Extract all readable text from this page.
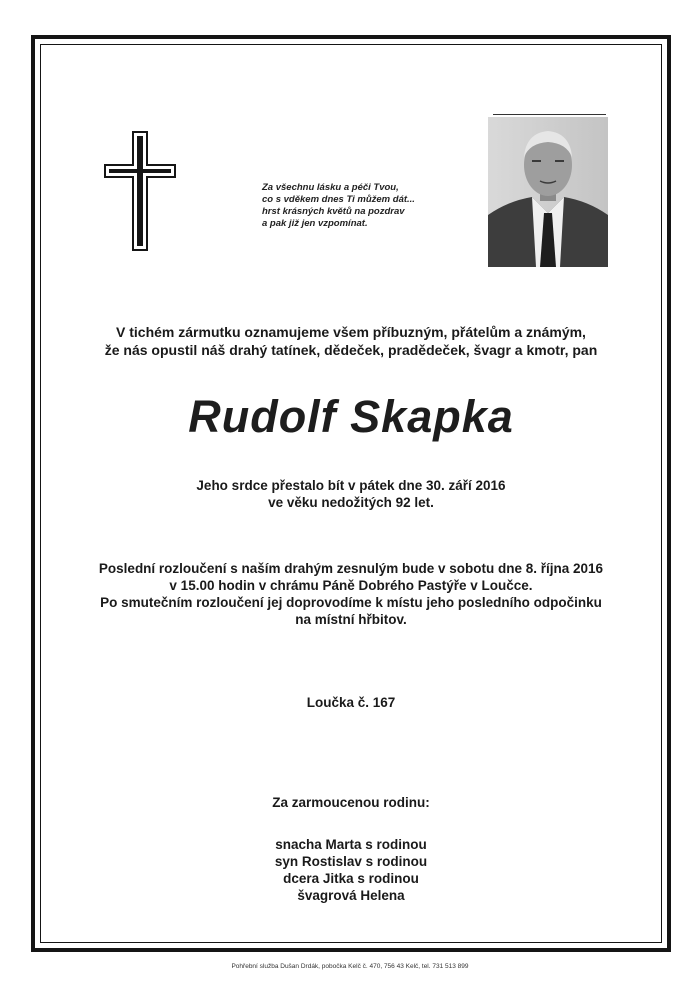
Za všechnu lásku a péči Tvou,
co s vděkem dnes Ti můžem dát...
hrst krásných květů na pozdrav
a pak již jen vzpomínat.
V tichém zármutku oznamujeme všem příbuzným, přátelům a známým,
že nás opustil náš drahý tatínek, dědeček, pradědeček, švagr a kmotr, pan
Rudolf Skapka
Jeho srdce přestalo bít v pátek dne 30. září 2016
ve věku nedožitých 92 let.
Poslední rozloučení s naším drahým zesnulým bude v sobotu dne 8. října 2016
v 15.00 hodin v chrámu Páně Dobrého Pastýře v Loučce.
Po smutečním rozloučení jej doprovodíme k místu jeho posledního odpočinku
na místní hřbitov.
Loučka č. 167
Za zarmoucenou rodinu:
snacha Marta s rodinou
syn Rostislav s rodinou
dcera Jitka s rodinou
švagrová Helena
Pohřební služba Dušan Drdák, pobočka Kelč č. 470, 756 43 Kelč, tel. 731 513 899
